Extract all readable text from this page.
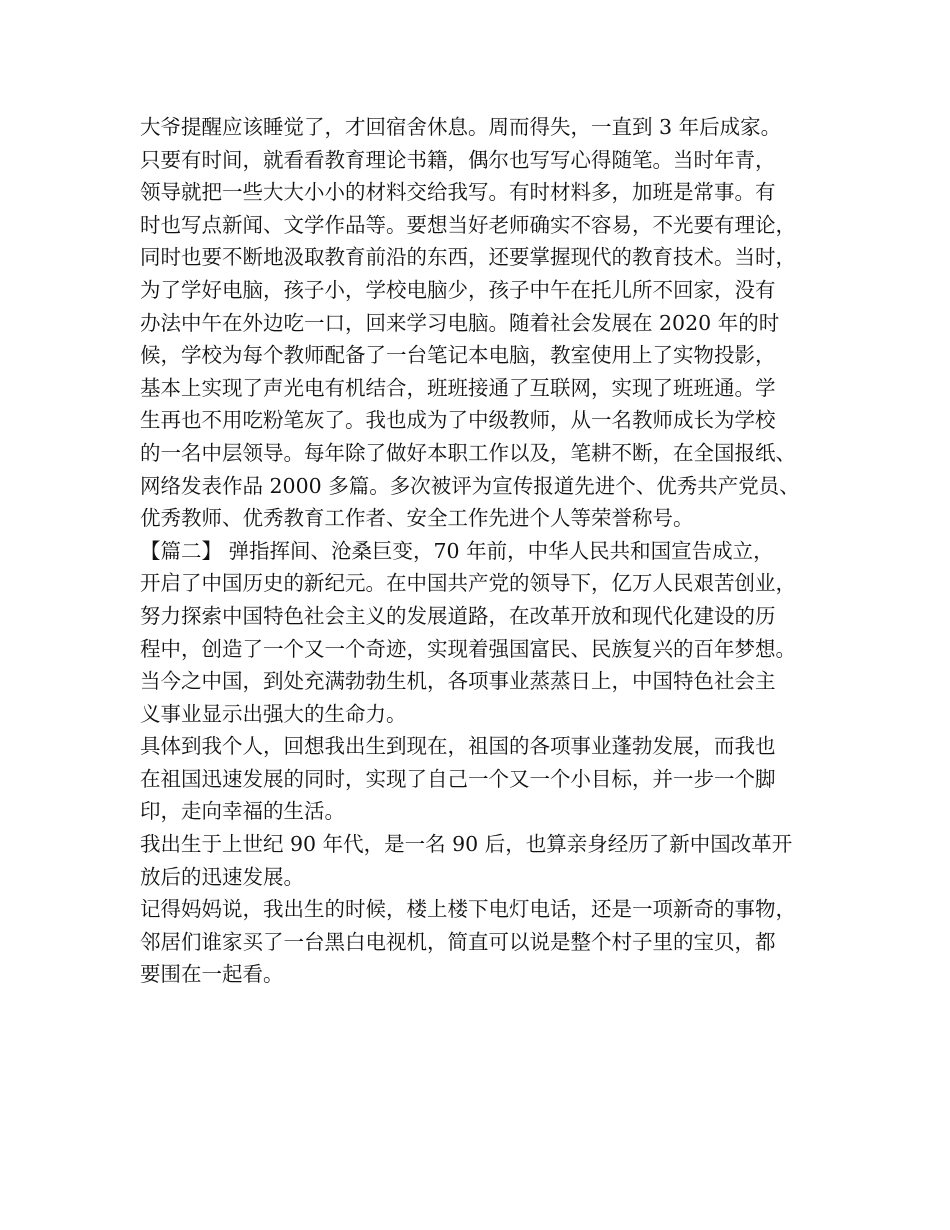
大爷提醒应该睡觉了，才回宿舍休息。周而得失，一直到 3 年后成家。
只要有时间，就看看教育理论书籍，偶尔也写写心得随笔。当时年青，
领导就把一些大大小小的材料交给我写。有时材料多，加班是常事。有
时也写点新闻、文学作品等。要想当好老师确实不容易，不光要有理论，
同时也要不断地汲取教育前沿的东西，还要掌握现代的教育技术。当时，
为了学好电脑，孩子小，学校电脑少，孩子中午在托儿所不回家，没有
办法中午在外边吃一口，回来学习电脑。随着社会发展在 2020 年的时
候，学校为每个教师配备了一台笔记本电脑，教室使用上了实物投影，
基本上实现了声光电有机结合，班班接通了互联网，实现了班班通。学
生再也不用吃粉笔灰了。我也成为了中级教师，从一名教师成长为学校
的一名中层领导。每年除了做好本职工作以及，笔耕不断，在全国报纸、
网络发表作品 2000 多篇。多次被评为宣传报道先进个、优秀共产党员、
优秀教师、优秀教育工作者、安全工作先进个人等荣誉称号。
【篇二】 弹指挥间、沧桑巨变，70 年前，中华人民共和国宣告成立，
开启了中国历史的新纪元。在中国共产党的领导下，亿万人民艰苦创业，
努力探索中国特色社会主义的发展道路，在改革开放和现代化建设的历
程中，创造了一个又一个奇迹，实现着强国富民、民族复兴的百年梦想。
当今之中国，到处充满勃勃生机，各项事业蒸蒸日上，中国特色社会主
义事业显示出强大的生命力。
具体到我个人，回想我出生到现在，祖国的各项事业蓬勃发展，而我也
在祖国迅速发展的同时，实现了自己一个又一个小目标，并一步一个脚
印，走向幸福的生活。
我出生于上世纪 90 年代，是一名 90 后，也算亲身经历了新中国改革开
放后的迅速发展。
记得妈妈说，我出生的时候，楼上楼下电灯电话，还是一项新奇的事物，
邻居们谁家买了一台黑白电视机，简直可以说是整个村子里的宝贝，都
要围在一起看。
